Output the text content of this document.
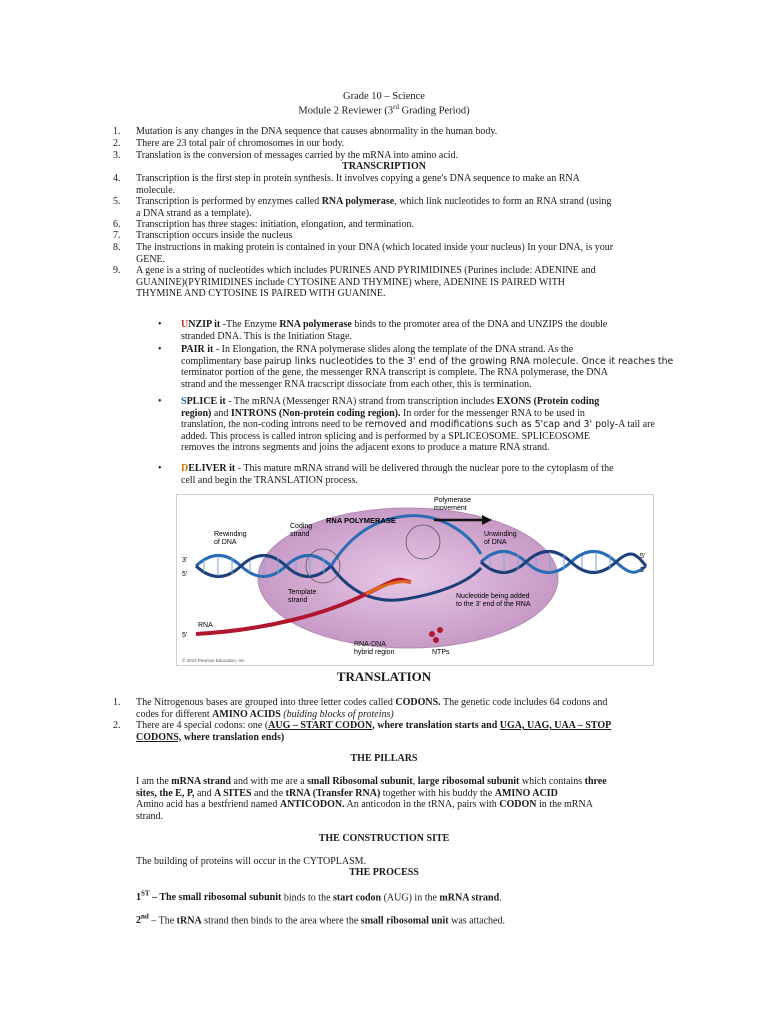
Grade 10 – Science
Module 2 Reviewer (3rd Grading Period)
1.	Mutation is any changes in the DNA sequence that causes abnormality in the human body.
2.	There are 23 total pair of chromosomes in our body.
3.	Translation is the conversion of messages carried by the mRNA into amino acid.
TRANSCRIPTION
4.	Transcription is the first step in protein synthesis. It involves copying a gene's DNA sequence to make an RNA
molecule.
5.	Transcription is performed by enzymes called RNA polymerase, which link nucleotides to form an RNA strand (using
a DNA strand as a template).
6.	Transcription has three stages: initiation, elongation, and termination.
7.	Transcription occurs inside the nucleus
8.	The instructions in making protein is contained in your DNA (which located inside your nucleus) In your DNA, is your
GENE.
9.	A gene is a string of nucleotides which includes PURINES AND PYRIMIDINES (Purines include: ADENINE and
GUANINE)(PYRIMIDINES include CYTOSINE AND THYMINE) where, ADENINE IS PAIRED WITH
THYMINE AND CYTOSINE IS PAIRED WITH GUANINE.
• UNZIP it -The Enzyme RNA polymerase binds to the promoter area of the DNA and UNZIPS the double
stranded DNA. This is the Initiation Stage.
• PAIR it - In Elongation, the RNA polymerase slides along the template of the DNA strand. As the
complimentary base pairup links nucleotides to the 3' end of the growing RNA molecule. Once it reaches the
terminator portion of the gene, the messenger RNA transcript is complete. The RNA polymerase, the DNA
strand and the messenger RNA tracscript dissociate from each other, this is termination.
• SPLICE it - The mRNA (Messenger RNA) strand from transcription includes EXONS (Protein coding
region) and INTRONS (Non-protein coding region). In order for the messenger RNA to be used in
translation, the non-coding introns need to be removed and modifications such as 5'cap and 3' poly-A tail are
added. This process is called intron splicing and is performed by a SPLICEOSOME. SPLICEOSOME
removes the introns segments and joins the adjacent exons to produce a mature RNA strand.
• DELIVER it - This mature mRNA strand will be delivered through the nuclear pore to the cytoplasm of the
cell and begin the TRANSLATION process.
Polymerase
movement
RNA POLYMERASE
Coding
strand
Rewinding
of DNA
Unwinding
of DNA
Template
strand
Nucleotide being added
to the 3' end of the RNA
RNA
NTPs
RNA-DNA
hybrid region
© 2012 Pearson Education, Inc.
3'
5'
5'
3'
5'
TRANSLATION
1.	The Nitrogenous bases are grouped into three letter codes called CODONS. The genetic code includes 64 codons and
codes for different AMINO ACIDS (buiding blocks of proteins)
2.	There are 4 special codons: one (AUG – START CODON, where translation starts and UGA, UAG, UAA – STOP
CODONS, where translation ends)
THE PILLARS
I am the mRNA strand and with me are a small Ribosomal subunit, large ribosomal subunit which contains three
sites, the E, P, and A SITES and the tRNA (Transfer RNA) together with his buddy the AMINO ACID
Amino acid has a bestfriend named ANTICODON. An anticodon in the tRNA, pairs with CODON in the mRNA
strand.
THE CONSTRUCTION SITE
The building of proteins will occur in the CYTOPLASM.
THE PROCESS
1ST – The small ribosomal subunit binds to the start codon (AUG) in the mRNA strand.
2nd – The tRNA strand then binds to the area where the small ribosomal unit was attached.
